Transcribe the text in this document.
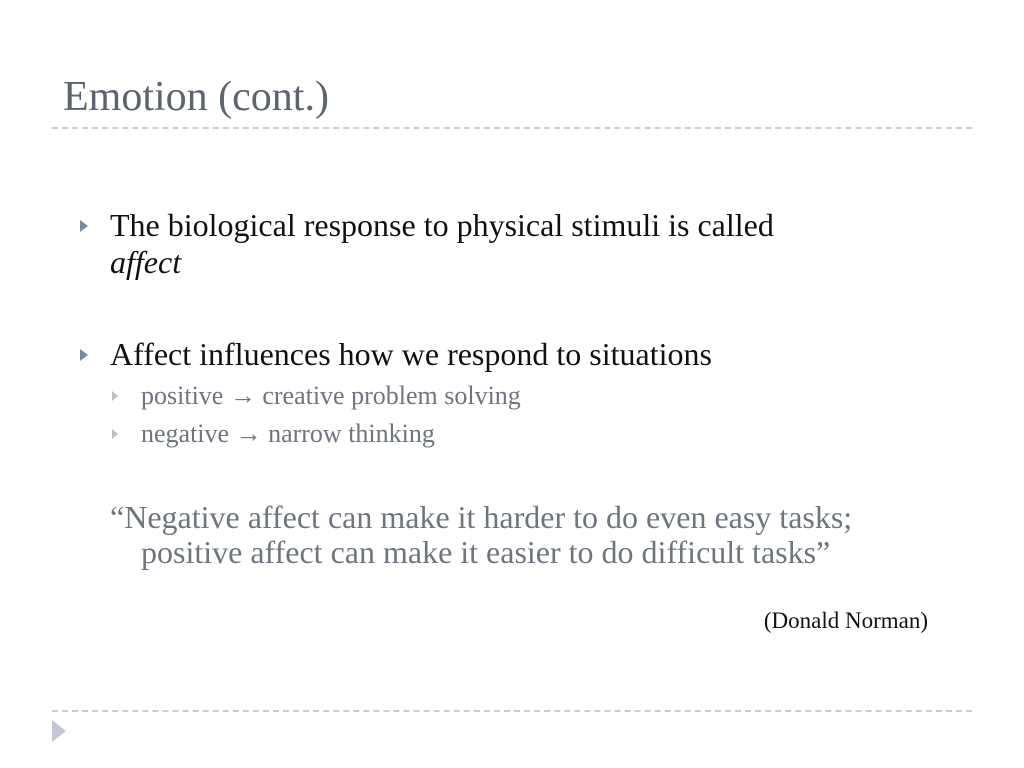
Emotion (cont.)
The biological response to physical stimuli is called
affect
Affect influences how we respond to situations
positive → creative problem solving
negative → narrow thinking
“Negative affect can make it harder to do even easy tasks; positive affect can make it easier to do difficult tasks”
(Donald Norman)
